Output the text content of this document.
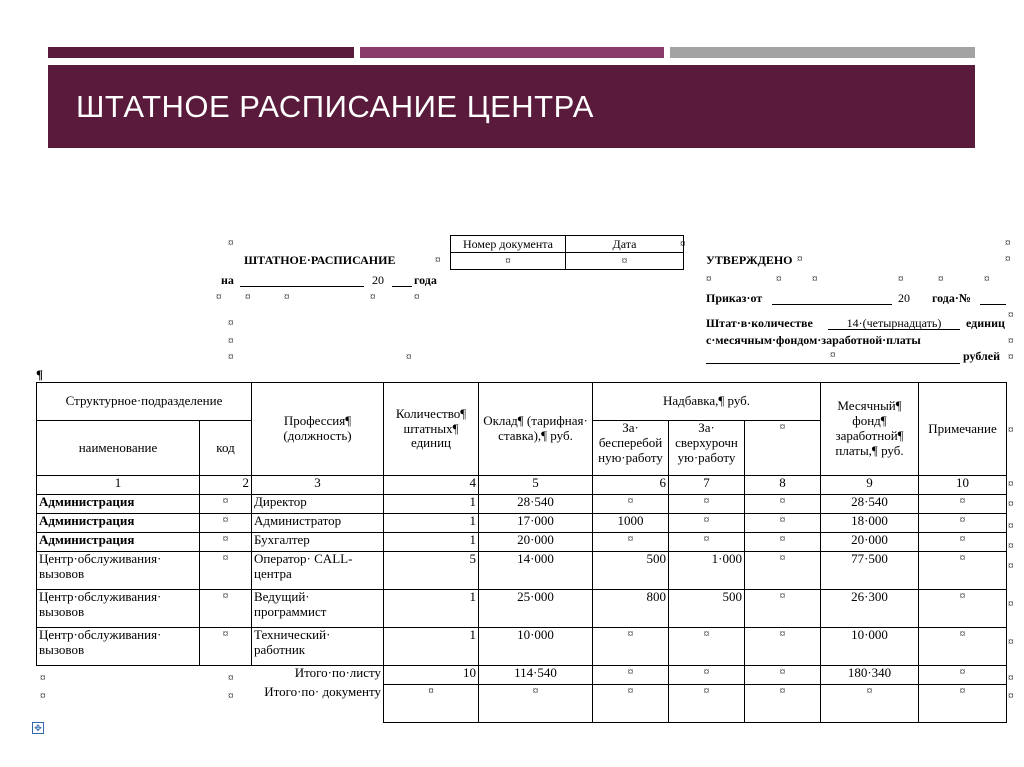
ШТАТНОЕ РАСПИСАНИЕ ЦЕНТРА
¤
ШТАТНОЕ·РАСПИСАНИЕ	¤
Номер документа	Дата
¤	¤
¤
на	20	года
¤ ¤	¤	¤	¤
УТВЕРЖДЕНО ¤
¤
¤
¤	¤	¤	¤	¤	¤
Приказ·от	20 года·№
¤	Штат·в·количестве	14·(четырнадцать)	единиц
¤
¤	с·месячным·фондом·заработной·платы	¤
¤	¤	¤	рублей ¤
¶
Структурное·подразделение		Профессия¶ (должность)	Количество¶ штатных¶ единиц	Оклад¶ (тарифная· ставка),¶ руб.	Надбавка,¶ руб.			Месячный¶ фонд¶ заработной¶ платы,¶ руб.	Примечание
наименование	код				За· бесперебой ную·работу	За· сверхурочн ую·работу	¤		
1	2	3	4	5	6	7	8	9	10
Администрация	¤	Директор	1	28·540	¤	¤	¤	28·540	¤
Администрация	¤	Администратор	1	17·000	1000	¤	¤	18·000	¤
Администрация	¤	Бухгалтер	1	20·000	¤	¤	¤	20·000	¤
Центр·обслуживания· вызовов	¤	Оператор· CALL-центра	5	14·000	500	1·000	¤	77·500	¤
Центр·обслуживания· вызовов	¤	Ведущий· программист	1	25·000	800	500	¤	26·300	¤
Центр·обслуживания· вызовов	¤	Технический· работник	1	10·000	¤	¤	¤	10·000	¤
		Итого·по·листу	10	114·540	¤	¤	¤	180·340	¤
		Итого·по· документу	¤	¤	¤	¤	¤	¤	¤
¤
¤
¤
¤
¤
¤
¤
¤
¤
¤
¤	¤
¤	¤
✥
